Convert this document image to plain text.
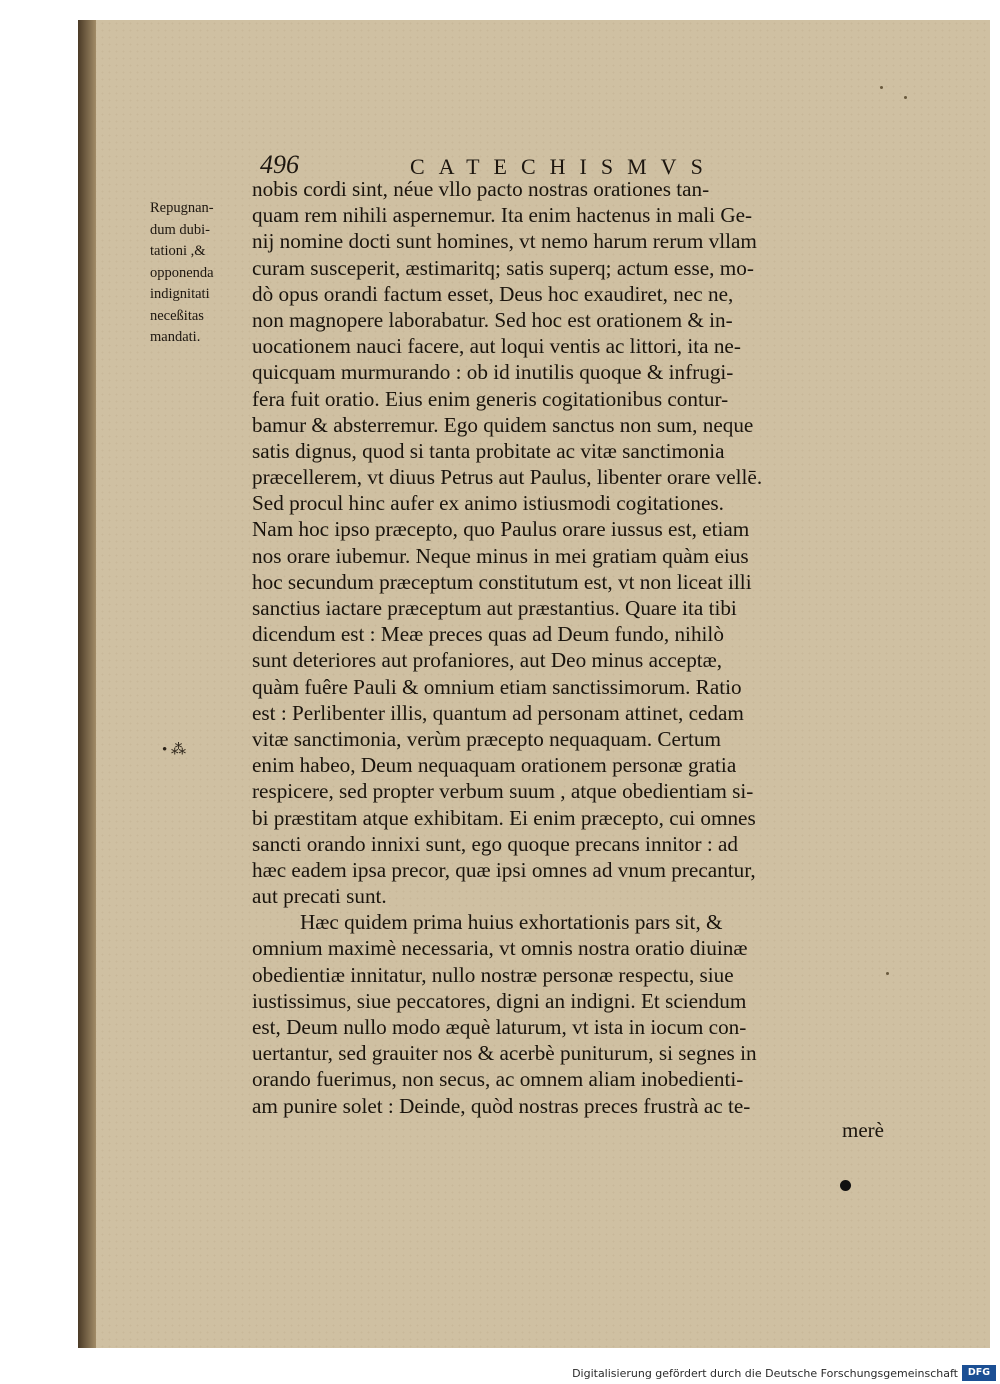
496	CATECHISMVS
Repugnan-
dum dubi-
tationi ,&
opponenda
indignitati
neceßitas
mandati.
• ⁂
nobis cordi sint, néue vllo pacto nostras orationes tan-
quam rem nihili aspernemur. Ita enim hactenus in mali Ge-
nij nomine docti sunt homines, vt nemo harum rerum vllam
curam susceperit, æstimaritq; satis superq; actum esse, mo-
dò opus orandi factum esset, Deus hoc exaudiret, nec ne,
non magnopere laborabatur. Sed hoc est orationem & in-
uocationem nauci facere, aut loqui ventis ac littori, ita ne-
quicquam murmurando : ob id inutilis quoque & infrugi-
fera fuit oratio. Eius enim generis cogitationibus contur-
bamur & absterremur. Ego quidem sanctus non sum, neque
satis dignus, quod si tanta probitate ac vitæ sanctimonia
præcellerem, vt diuus Petrus aut Paulus, libenter orare vellē.
Sed procul hinc aufer ex animo istiusmodi cogitationes.
Nam hoc ipso præcepto, quo Paulus orare iussus est, etiam
nos orare iubemur. Neque minus in mei gratiam quàm eius
hoc secundum præceptum constitutum est, vt non liceat illi
sanctius iactare præceptum aut præstantius. Quare ita tibi
dicendum est : Meæ preces quas ad Deum fundo, nihilò
sunt deteriores aut profaniores, aut Deo minus acceptæ,
quàm fuêre Pauli & omnium etiam sanctissimorum. Ratio
est : Perlibenter illis, quantum ad personam attinet, cedam
vitæ sanctimonia, verùm præcepto nequaquam. Certum
enim habeo, Deum nequaquam orationem personæ gratia
respicere, sed propter verbum suum , atque obedientiam si-
bi præstitam atque exhibitam. Ei enim præcepto, cui omnes
sancti orando innixi sunt, ego quoque precans innitor : ad
hæc eadem ipsa precor, quæ ipsi omnes ad vnum precantur,
aut precati sunt.
Hæc quidem prima huius exhortationis pars sit, &
omnium maximè necessaria, vt omnis nostra oratio diuinæ
obedientiæ innitatur, nullo nostræ personæ respectu, siue
iustissimus, siue peccatores, digni an indigni. Et sciendum
est, Deum nullo modo æquè laturum, vt ista in iocum con-
uertantur, sed grauiter nos & acerbè puniturum, si segnes in
orando fuerimus, non secus, ac omnem aliam inobedienti-
am punire solet : Deinde, quòd nostras preces frustrà ac te-
merè
Digitalisierung gefördert durch die Deutsche Forschungsgemeinschaft	DFG
